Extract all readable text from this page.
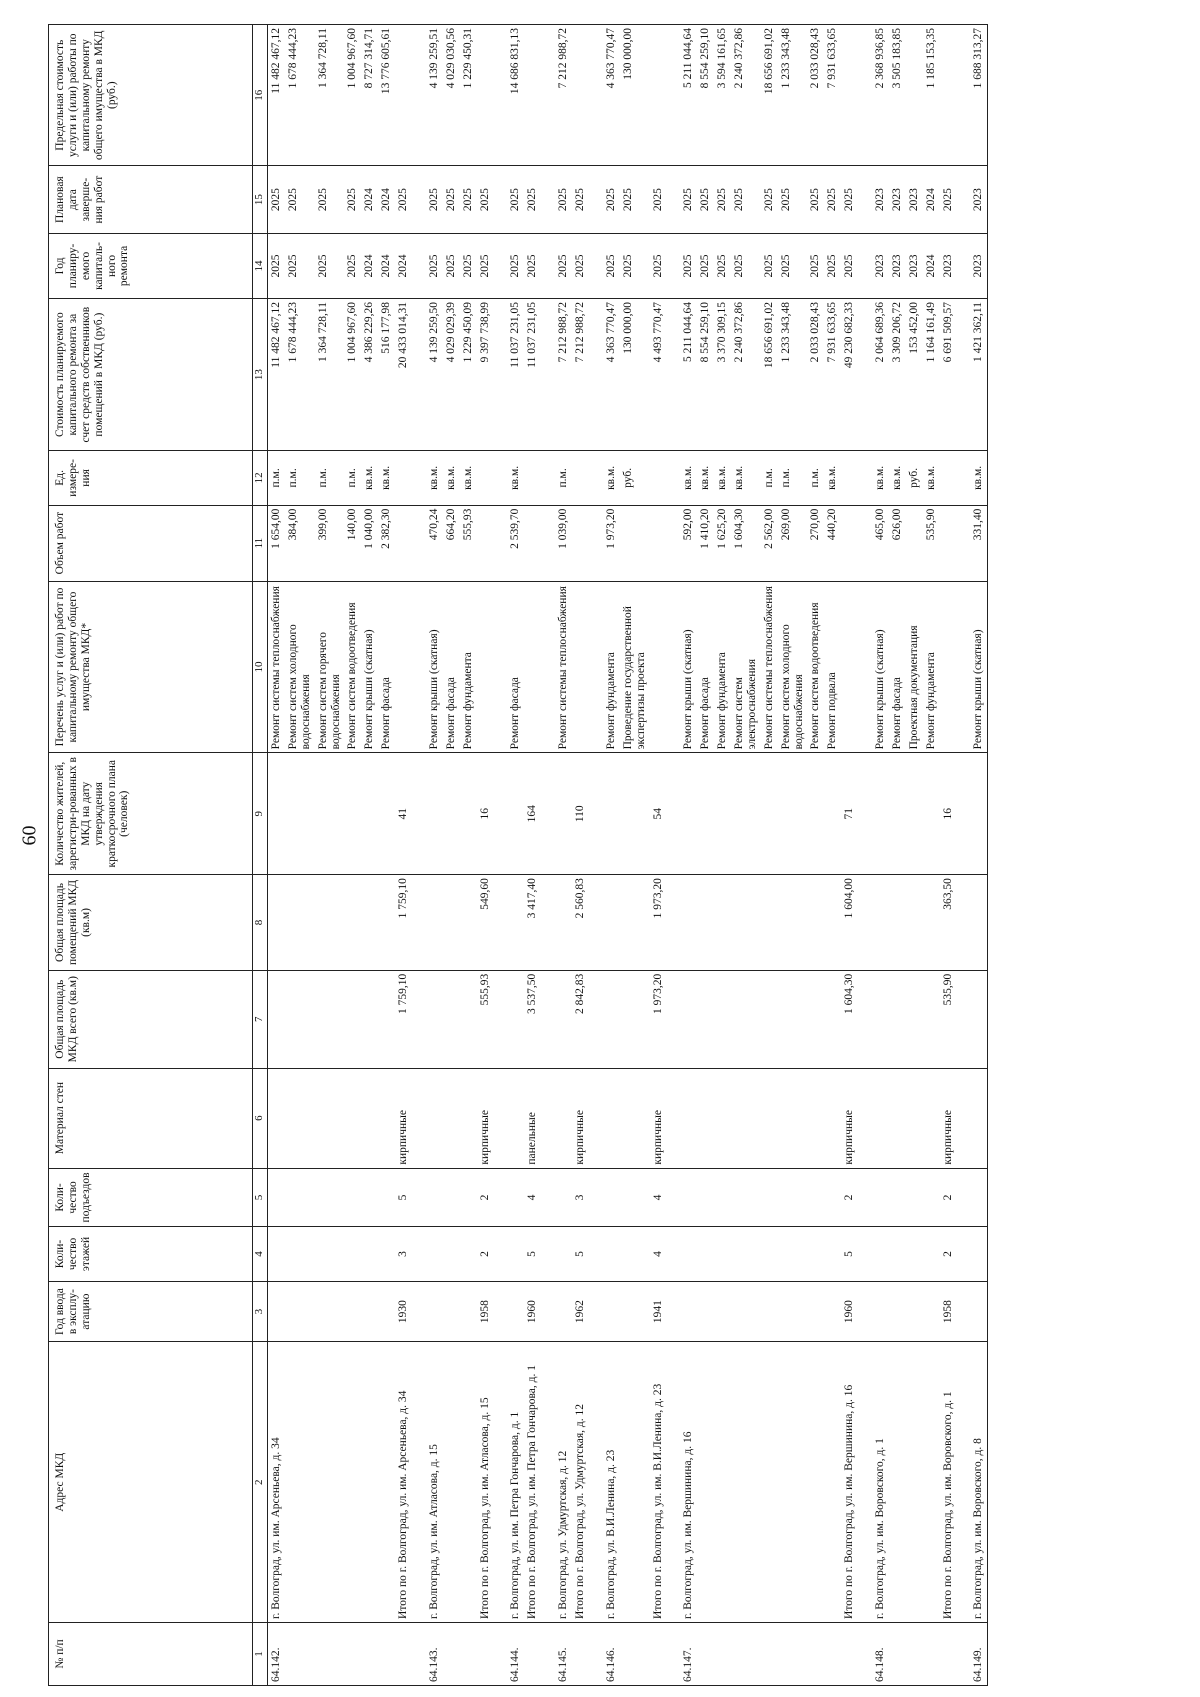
60
№ п/п	Адрес МКД	Год ввода в эксплу-атацию	Коли-чество этажей	Коли-чество подъездов	Материал стен	Общая площадь МКД всего (кв.м)	Общая площадь помещений МКД (кв.м)	Количество жителей, зарегистри-рованных в МКД на дату утверждения краткосрочного плана (человек)	Перечень услуг и (или) работ по капитальному ремонту общего имущества МКД*	Объем работ	Ед. измере-ния	Стоимость планируемого капитального ремонта за счет средств собственников помещений в МКД (руб.)	Год планиру-емого капиталь-ного ремонта	Плановая дата заверше-ния работ	Предельная стоимость услуги и (или) работы по капитальному ремонту общего имущества в МКД (руб.)
1	2	3	4	5	6	7	8	9	10	11	12	13	14	15	16
64.142.	г. Волгоград, ул. им. Арсеньева, д. 34								Ремонт системы теплоснабжения	1 654,00	п.м.	11 482 467,12	2025	2025	11 482 467,12
									Ремонт систем холодного водоснабжения	384,00	п.м.	1 678 444,23	2025	2025	1 678 444,23
									Ремонт систем горячего водоснабжения	399,00	п.м.	1 364 728,11	2025	2025	1 364 728,11
									Ремонт систем водоотведения	140,00	п.м.	1 004 967,60	2025	2025	1 004 967,60
									Ремонт крыши (скатная)	1 040,00	кв.м.	4 386 229,26	2024	2024	8 727 314,71
									Ремонт фасада	2 382,30	кв.м.	516 177,98	2024	2024	13 776 605,61
	Итого по г. Волгоград, ул. им. Арсеньева, д. 34	1930	3	5	кирпичные	1 759,10	1 759,10	41				20 433 014,31	2024	2025	

64.143.	г. Волгоград, ул. им. Атласова, д. 15								Ремонт крыши (скатная)	470,24	кв.м.	4 139 259,50	2025	2025	4 139 259,51
									Ремонт фасада	664,20	кв.м.	4 029 029,39	2025	2025	4 029 030,56
									Ремонт фундамента	555,93	кв.м.	1 229 450,09	2025	2025	1 229 450,31
	Итого по г. Волгоград, ул. им. Атласова, д. 15	1958	2	2	кирпичные	555,93	549,60	16				9 397 738,99	2025	2025	

64.144.	г. Волгоград, ул. им. Петра Гончарова, д. 1								Ремонт фасада	2 539,70	кв.м.	11 037 231,05	2025	2025	14 686 831,13
	Итого по г. Волгоград, ул. им. Петра Гончарова, д. 1	1960	5	4	панельные	3 537,50	3 417,40	164				11 037 231,05	2025	2025	

64.145.	г. Волгоград, ул. Удмуртская, д. 12								Ремонт системы теплоснабжения	1 039,00	п.м.	7 212 988,72	2025	2025	7 212 988,72
	Итого по г. Волгоград, ул. Удмуртская, д. 12	1962	5	3	кирпичные	2 842,83	2 560,83	110				7 212 988,72	2025	2025	

64.146.	г. Волгоград, ул. В.И.Ленина, д. 23								Ремонт фундамента	1 973,20	кв.м.	4 363 770,47	2025	2025	4 363 770,47
									Проведение государственной экспертизы проекта		руб.	130 000,00	2025	2025	130 000,00
	Итого по г. Волгоград, ул. им. В.И.Ленина, д. 23	1941	4	4	кирпичные	1 973,20	1 973,20	54				4 493 770,47	2025	2025	

64.147.	г. Волгоград, ул. им. Вершинина, д. 16								Ремонт крыши (скатная)	592,00	кв.м.	5 211 044,64	2025	2025	5 211 044,64
									Ремонт фасада	1 410,20	кв.м.	8 554 259,10	2025	2025	8 554 259,10
									Ремонт фундамента	1 625,20	кв.м.	3 370 309,15	2025	2025	3 594 161,65
									Ремонт систем электроснабжения	1 604,30	кв.м.	2 240 372,86	2025	2025	2 240 372,86
									Ремонт системы теплоснабжения	2 562,00	п.м.	18 656 691,02	2025	2025	18 656 691,02
									Ремонт систем холодного водоснабжения	269,00	п.м.	1 233 343,48	2025	2025	1 233 343,48
									Ремонт систем водоотведения	270,00	п.м.	2 033 028,43	2025	2025	2 033 028,43
									Ремонт подвала	440,20	кв.м.	7 931 633,65	2025	2025	7 931 633,65
	Итого по г. Волгоград, ул. им. Вершинина, д. 16	1960	5	2	кирпичные	1 604,30	1 604,00	71				49 230 682,33	2025	2025	

64.148.	г. Волгоград, ул. им. Воровского, д. 1								Ремонт крыши (скатная)	465,00	кв.м.	2 064 689,36	2023	2023	2 368 936,85
									Ремонт фасада	626,00	кв.м.	3 309 206,72	2023	2023	3 505 183,85
									Проектная документация		руб.	153 452,00	2023	2023	
									Ремонт фундамента	535,90	кв.м.	1 164 161,49	2024	2024	1 185 153,35
	Итого по г. Волгоград, ул. им. Воровского, д. 1	1958	2	2	кирпичные	535,90	363,50	16				6 691 509,57	2023	2025	

64.149.	г. Волгоград, ул. им. Воровского, д. 8								Ремонт крыши (скатная)	331,40	кв.м.	1 421 362,11	2023	2023	1 688 313,27
